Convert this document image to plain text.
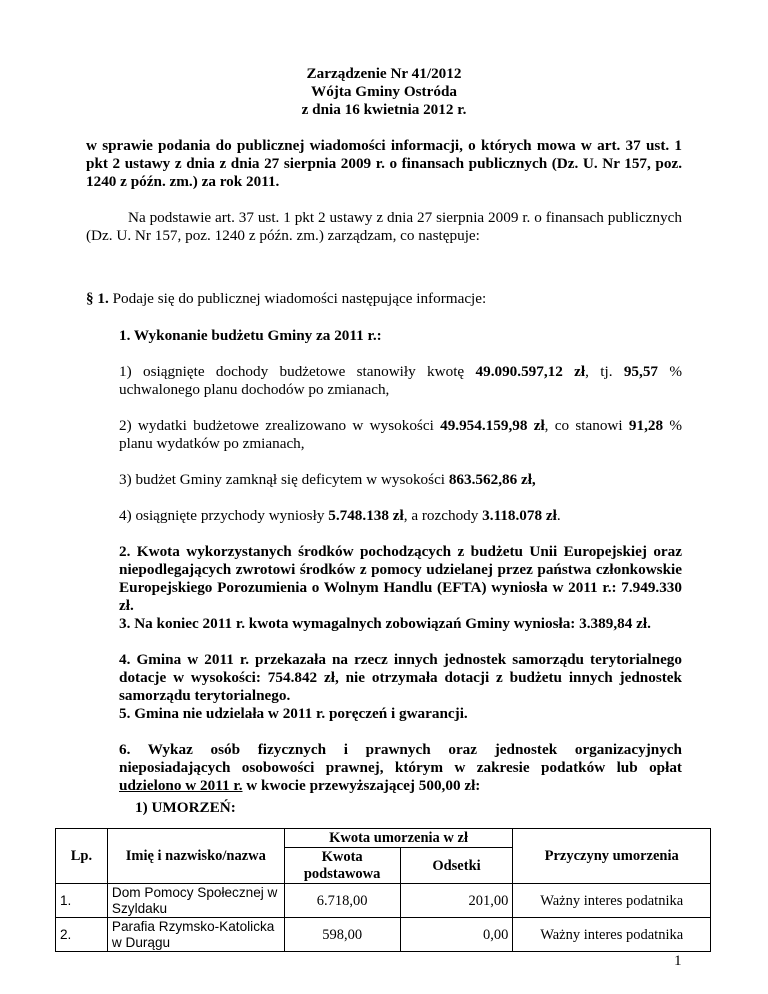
Zarządzenie Nr 41/2012
Wójta Gminy Ostróda
z dnia 16 kwietnia 2012 r.
w sprawie podania do publicznej wiadomości informacji, o których mowa w art. 37 ust. 1 pkt 2 ustawy z dnia z dnia 27 sierpnia 2009 r. o finansach publicznych (Dz. U. Nr 157, poz. 1240 z późn. zm.) za rok 2011.
Na podstawie art. 37 ust. 1 pkt 2 ustawy z dnia 27 sierpnia 2009 r. o finansach publicznych (Dz. U. Nr 157, poz. 1240 z późn. zm.) zarządzam, co następuje:
§ 1. Podaje się do publicznej wiadomości następujące informacje:
1. Wykonanie budżetu Gminy za 2011 r.:
1) osiągnięte dochody budżetowe stanowiły kwotę 49.090.597,12 zł, tj. 95,57 % uchwalonego planu dochodów po zmianach,
2) wydatki budżetowe zrealizowano w wysokości 49.954.159,98 zł, co stanowi 91,28 % planu wydatków po zmianach,
3) budżet Gminy zamknął się deficytem w wysokości 863.562,86 zł,
4) osiągnięte przychody wyniosły 5.748.138 zł, a rozchody 3.118.078 zł.
2. Kwota wykorzystanych środków pochodzących z budżetu Unii Europejskiej oraz niepodlegających zwrotowi środków z pomocy udzielanej przez państwa członkowskie Europejskiego Porozumienia o Wolnym Handlu (EFTA) wyniosła w 2011 r.: 7.949.330 zł.
3. Na koniec 2011 r. kwota wymagalnych zobowiązań Gminy wyniosła: 3.389,84 zł.
4. Gmina w 2011 r. przekazała na rzecz innych jednostek samorządu terytorialnego dotacje w wysokości: 754.842 zł, nie otrzymała dotacji z budżetu innych jednostek samorządu terytorialnego.
5. Gmina nie udzielała w 2011 r. poręczeń i gwarancji.
6. Wykaz osób fizycznych i prawnych oraz jednostek organizacyjnych nieposiadających osobowości prawnej, którym w zakresie podatków lub opłat udzielono w 2011 r. w kwocie przewyższającej 500,00 zł:
1) UMORZEŃ:
Lp.	Imię i nazwisko/nazwa	Kwota umorzenia w zł		Przyczyny umorzenia
		Kwota podstawowa	Odsetki	
1.	Dom Pomocy Społecznej w Szyldaku	6.718,00	201,00	Ważny interes podatnika
2.	Parafia Rzymsko-Katolicka w Durągu	598,00	0,00	Ważny interes podatnika
1
